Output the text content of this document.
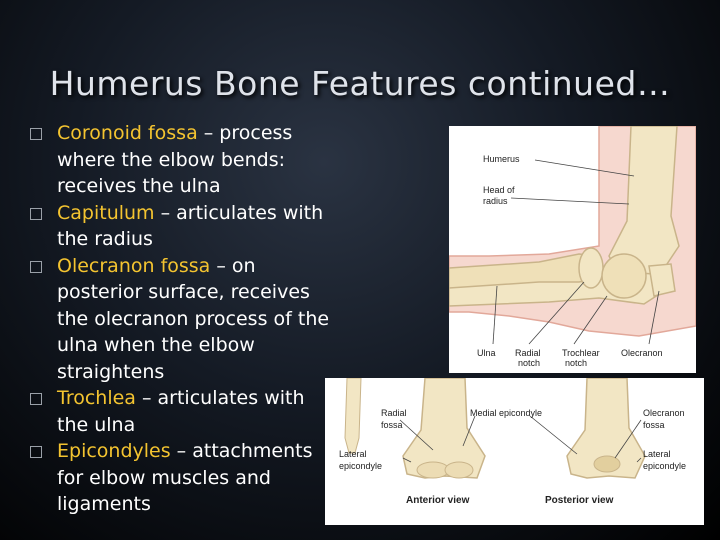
Humerus Bone Features continued…
Coronoid fossa – process where the elbow bends: receives the ulna
Capitulum – articulates with the radius
Olecranon fossa – on posterior surface, receives the olecranon process of the ulna when the elbow straightens
Trochlea – articulates with the ulna
Epicondyles – attachments for elbow muscles and ligaments
Humerus
Head of
radius
Ulna Radial
notch
Trochlear
notch
Olecranon
Radial
fossa
Medial epicondyle	Olecranon
fossa
Lateral
epicondyle
Lateral
epicondyle
Anterior view	Posterior view
